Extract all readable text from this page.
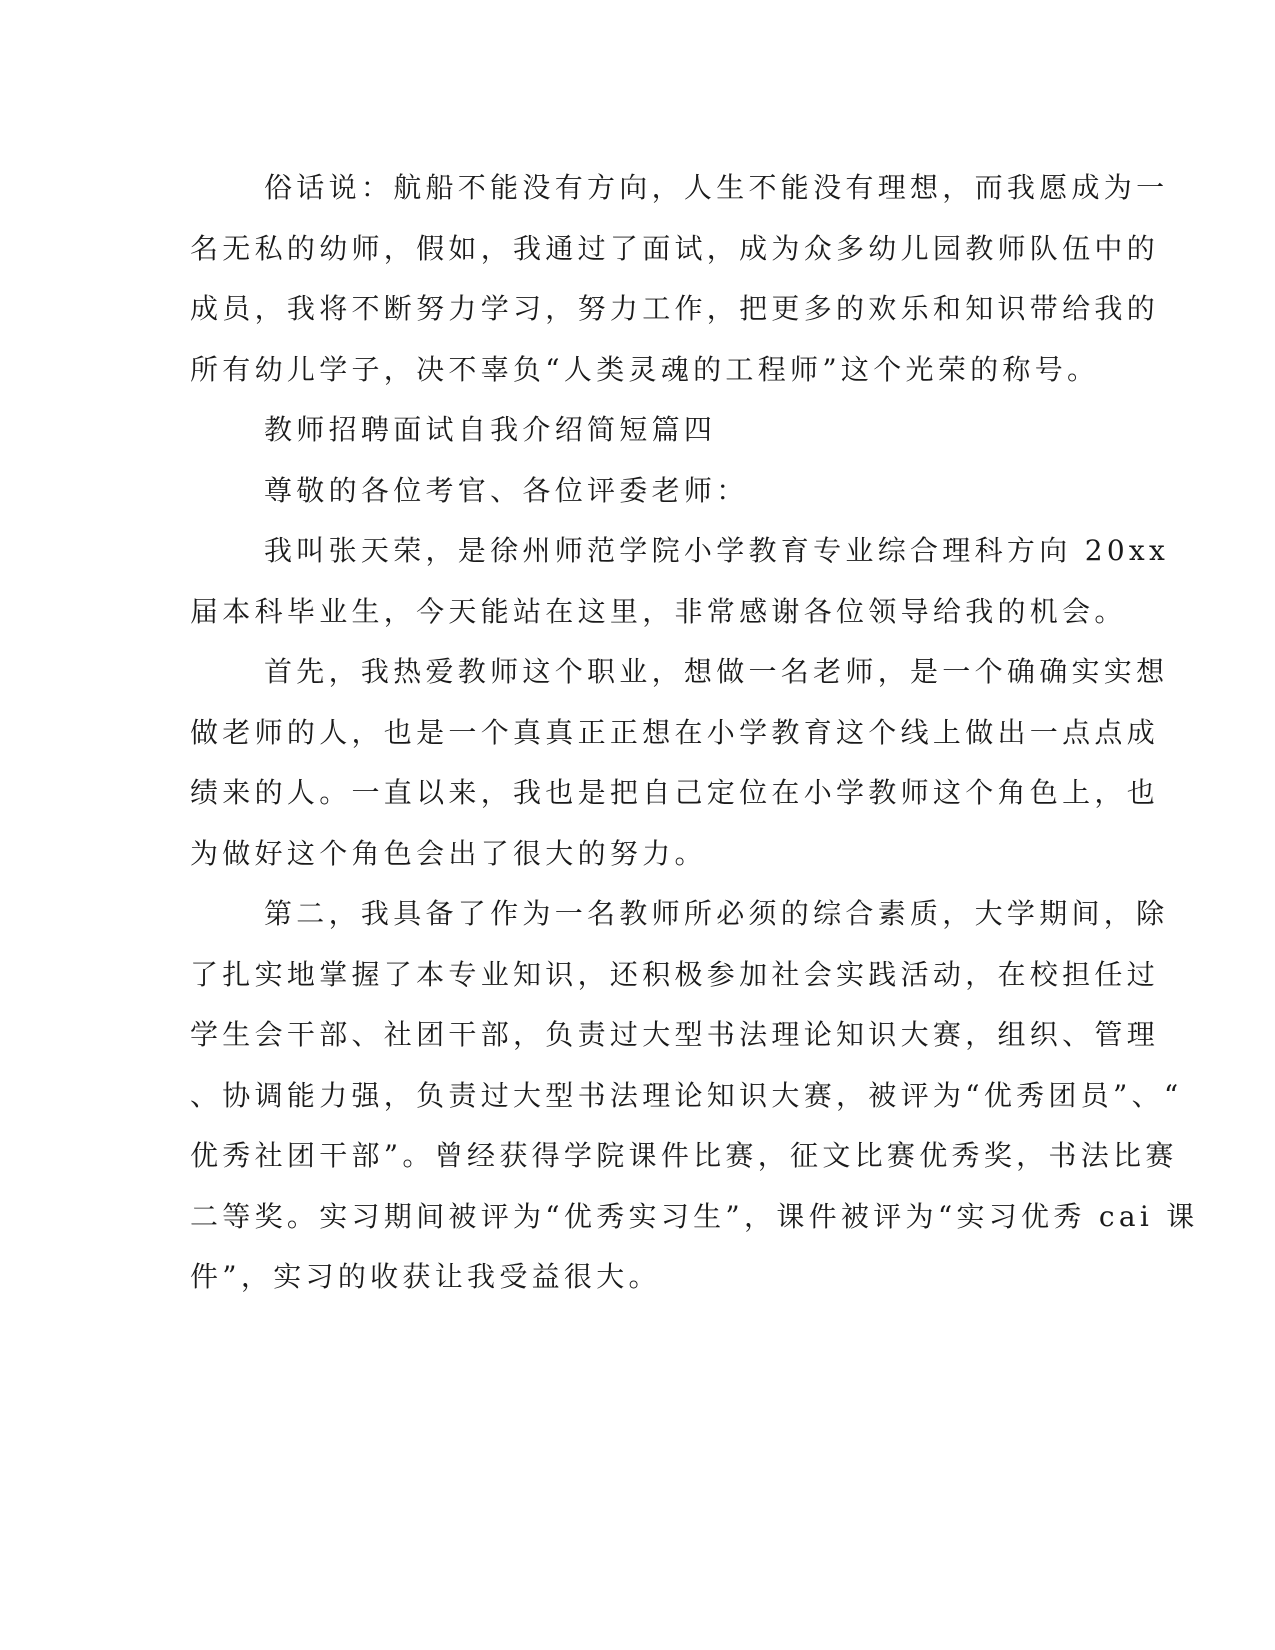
俗话说：航船不能没有方向，人生不能没有理想，而我愿成为一
名无私的幼师，假如，我通过了面试，成为众多幼儿园教师队伍中的
成员，我将不断努力学习，努力工作，把更多的欢乐和知识带给我的
所有幼儿学子，决不辜负“人类灵魂的工程师”这个光荣的称号。
教师招聘面试自我介绍简短篇四
尊敬的各位考官、各位评委老师：
我叫张天荣，是徐州师范学院小学教育专业综合理科方向 20xx
届本科毕业生，今天能站在这里，非常感谢各位领导给我的机会。
首先，我热爱教师这个职业，想做一名老师，是一个确确实实想
做老师的人，也是一个真真正正想在小学教育这个线上做出一点点成
绩来的人。一直以来，我也是把自己定位在小学教师这个角色上，也
为做好这个角色会出了很大的努力。
第二，我具备了作为一名教师所必须的综合素质，大学期间，除
了扎实地掌握了本专业知识，还积极参加社会实践活动，在校担任过
学生会干部、社团干部，负责过大型书法理论知识大赛，组织、管理
、协调能力强，负责过大型书法理论知识大赛，被评为“优秀团员”、“
优秀社团干部”。曾经获得学院课件比赛，征文比赛优秀奖，书法比赛
二等奖。实习期间被评为“优秀实习生”，课件被评为“实习优秀 cai 课
件”，实习的收获让我受益很大。
